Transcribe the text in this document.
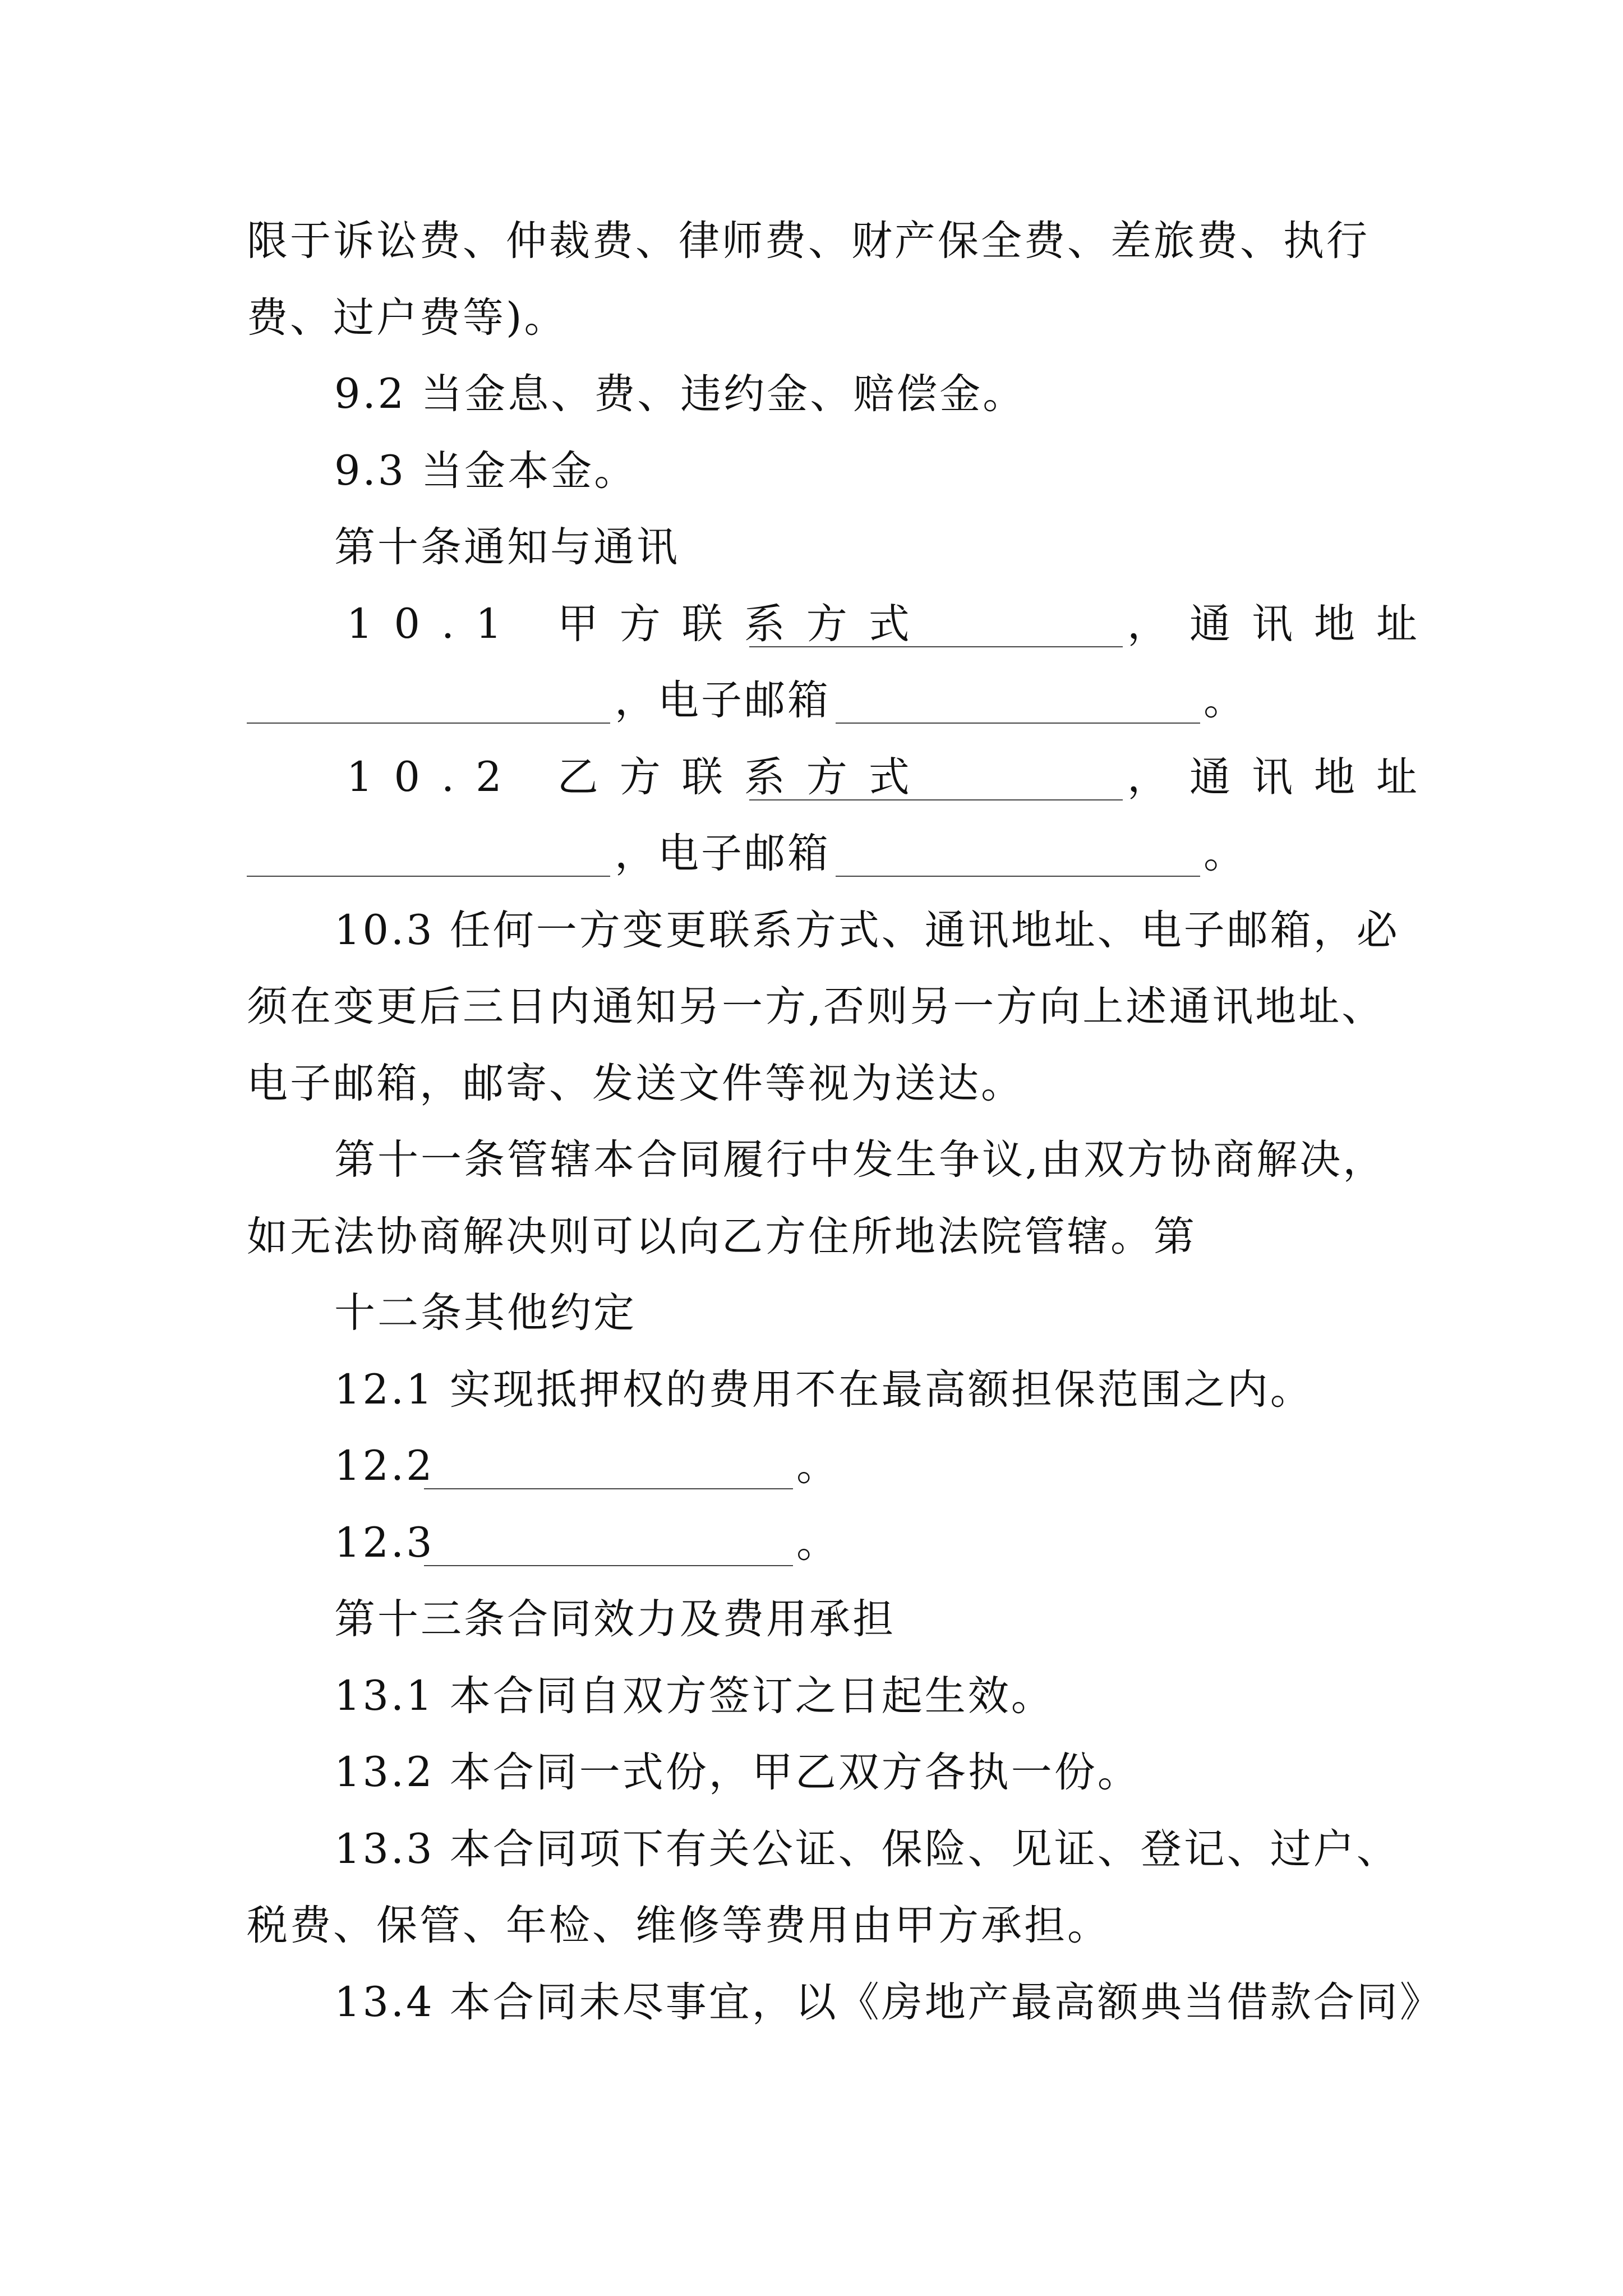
限于诉讼费、仲裁费、律师费、财产保全费、差旅费、执行

费、过户费等)。

9.2 当金息、费、违约金、赔偿金。

9.3 当金本金。

第十条通知与通讯

10.1 甲方联系方式	，通讯地址

，电子邮箱	。

10.2 乙方联系方式	，通讯地址

，电子邮箱	。

10.3 任何一方变更联系方式、通讯地址、电子邮箱，必

须在变更后三日内通知另一方,否则另一方向上述通讯地址、

电子邮箱，邮寄、发送文件等视为送达。

第十一条管辖本合同履行中发生争议,由双方协商解决，

如无法协商解决则可以向乙方住所地法院管辖。第

十二条其他约定

12.1 实现抵押权的费用不在最高额担保范围之内。

12.2	。

12.3	。

第十三条合同效力及费用承担

13.1 本合同自双方签订之日起生效。

13.2 本合同一式份，甲乙双方各执一份。

13.3 本合同项下有关公证、保险、见证、登记、过户、

税费、保管、年检、维修等费用由甲方承担。

13.4 本合同未尽事宜，以《房地产最高额典当借款合同》
